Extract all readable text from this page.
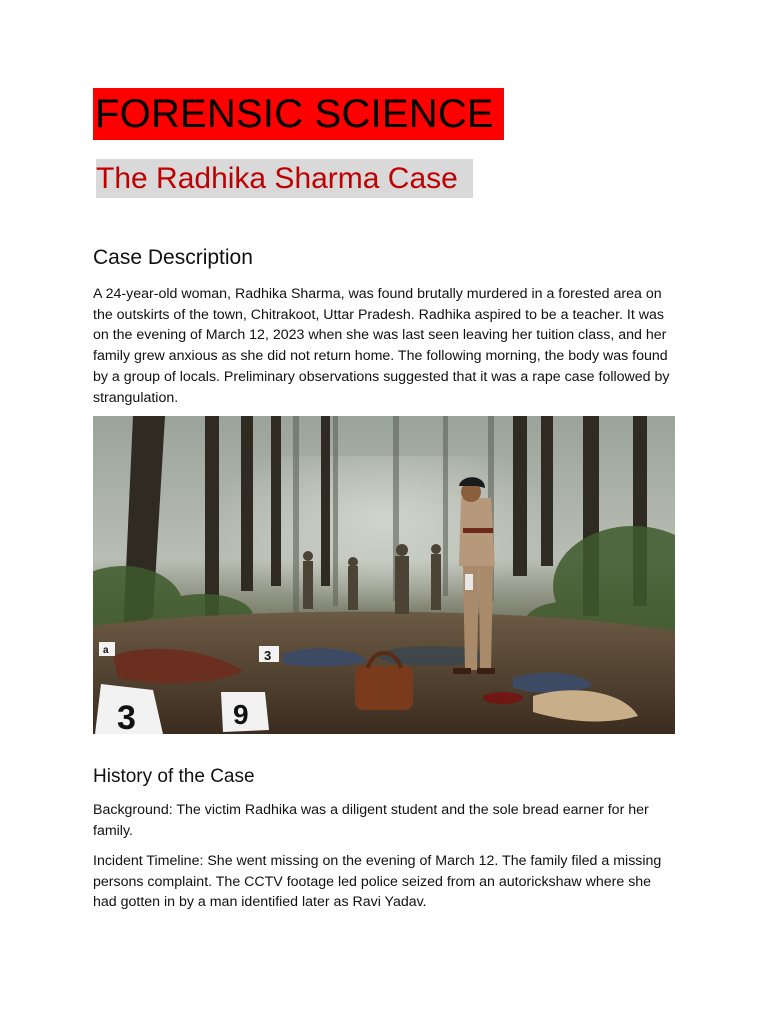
FORENSIC SCIENCE
The Radhika Sharma Case
Case Description

A 24-year-old woman, Radhika Sharma, was found brutally murdered in a forested area on the outskirts of the town, Chitrakoot, Uttar Pradesh. Radhika aspired to be a teacher. It was on the evening of March 12, 2023 when she was last seen leaving her tuition class, and her family grew anxious as she did not return home. The following morning, the body was found by a group of locals. Preliminary observations suggested that it was a rape case followed by strangulation.

3	9
3
a
History of the Case

Background: The victim Radhika was a diligent student and the sole bread earner for her family.

Incident Timeline: She went missing on the evening of March 12. The family filed a missing persons complaint. The CCTV footage led police seized from an autorickshaw where she had gotten in by a man identified later as Ravi Yadav.
